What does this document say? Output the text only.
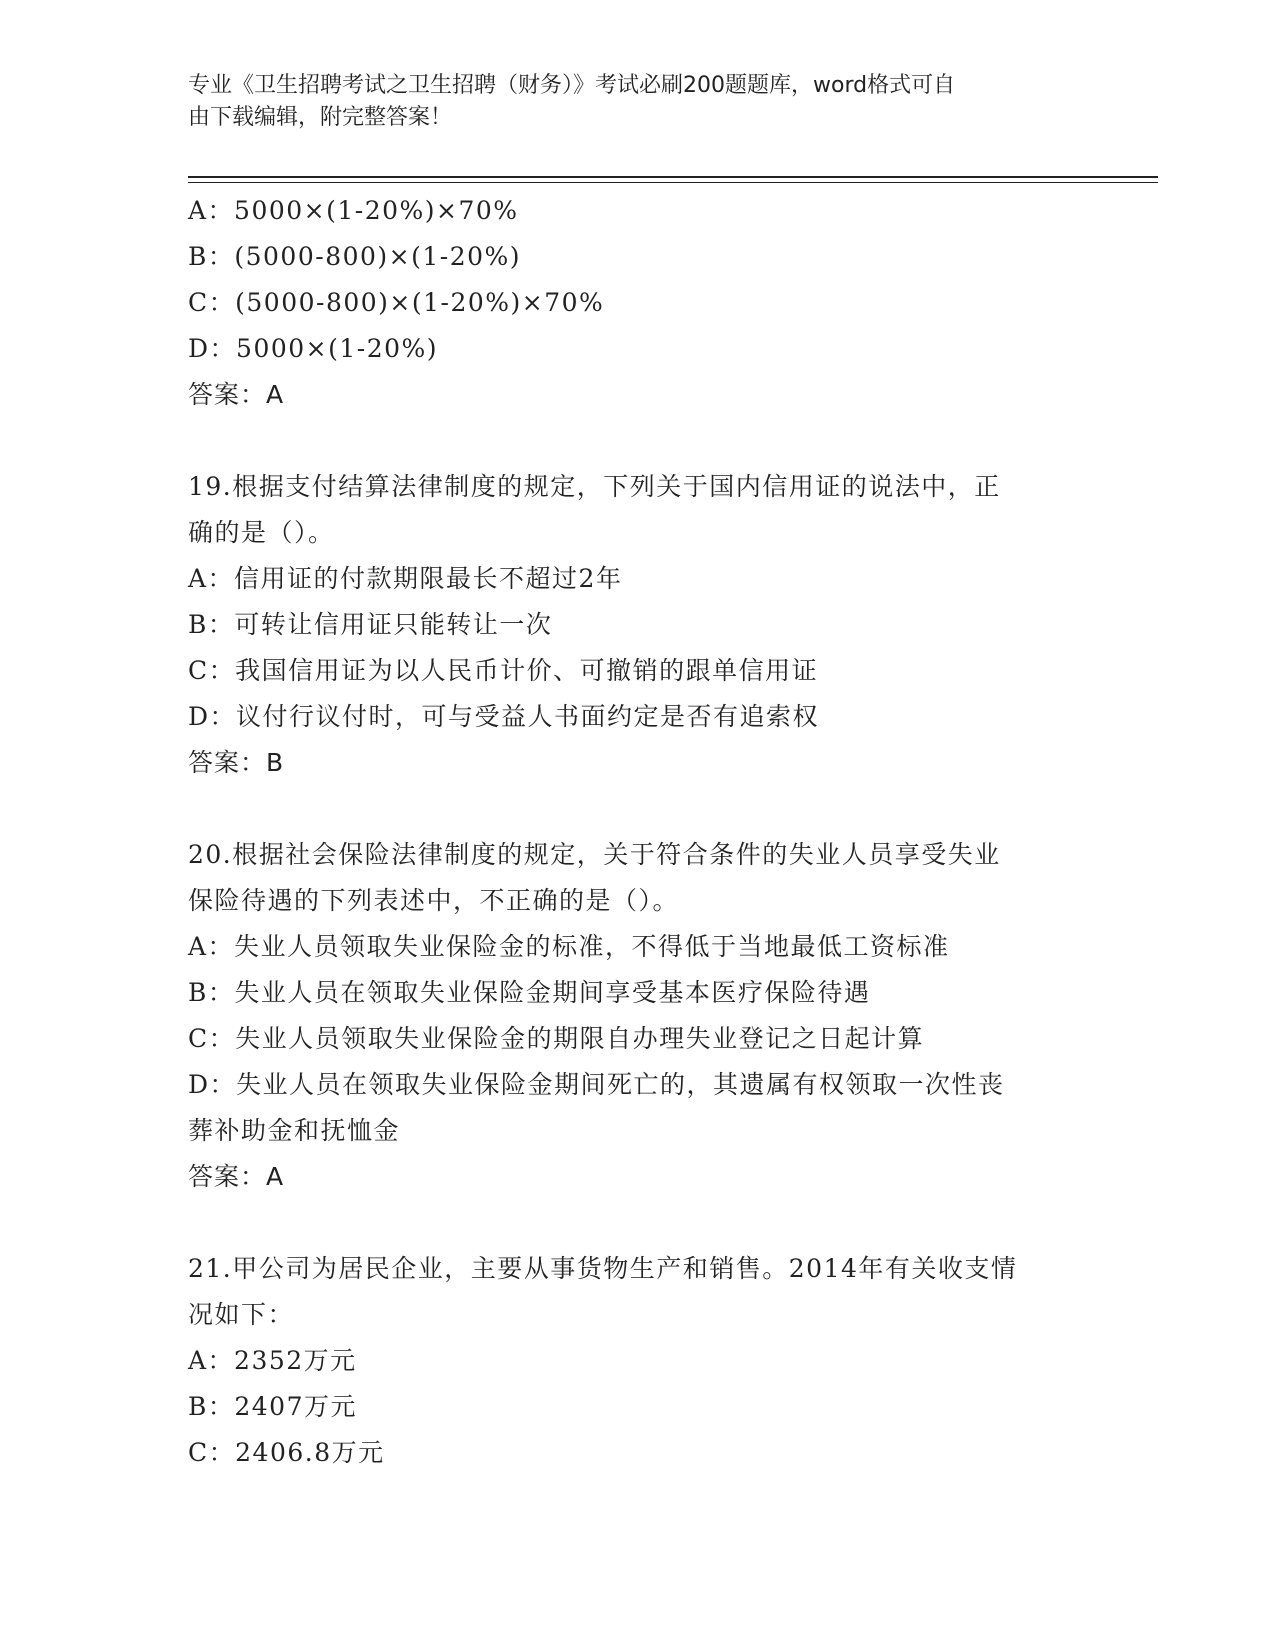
专业《卫生招聘考试之卫生招聘（财务）》考试必刷200题题库，word格式可自
由下载编辑，附完整答案！
A：5000×(1-20%)×70%
B：(5000-800)×(1-20%)
C：(5000-800)×(1-20%)×70%
D：5000×(1-20%)
答案：A
19.根据支付结算法律制度的规定，下列关于国内信用证的说法中，正
确的是（）。
A：信用证的付款期限最长不超过2年
B：可转让信用证只能转让一次
C：我国信用证为以人民币计价、可撤销的跟单信用证
D：议付行议付时，可与受益人书面约定是否有追索权
答案：B
20.根据社会保险法律制度的规定，关于符合条件的失业人员享受失业
保险待遇的下列表述中，不正确的是（）。
A：失业人员领取失业保险金的标准，不得低于当地最低工资标准
B：失业人员在领取失业保险金期间享受基本医疗保险待遇
C：失业人员领取失业保险金的期限自办理失业登记之日起计算
D：失业人员在领取失业保险金期间死亡的，其遗属有权领取一次性丧
葬补助金和抚恤金
答案：A
21.甲公司为居民企业，主要从事货物生产和销售。2014年有关收支情
况如下：
A：2352万元
B：2407万元
C：2406.8万元
